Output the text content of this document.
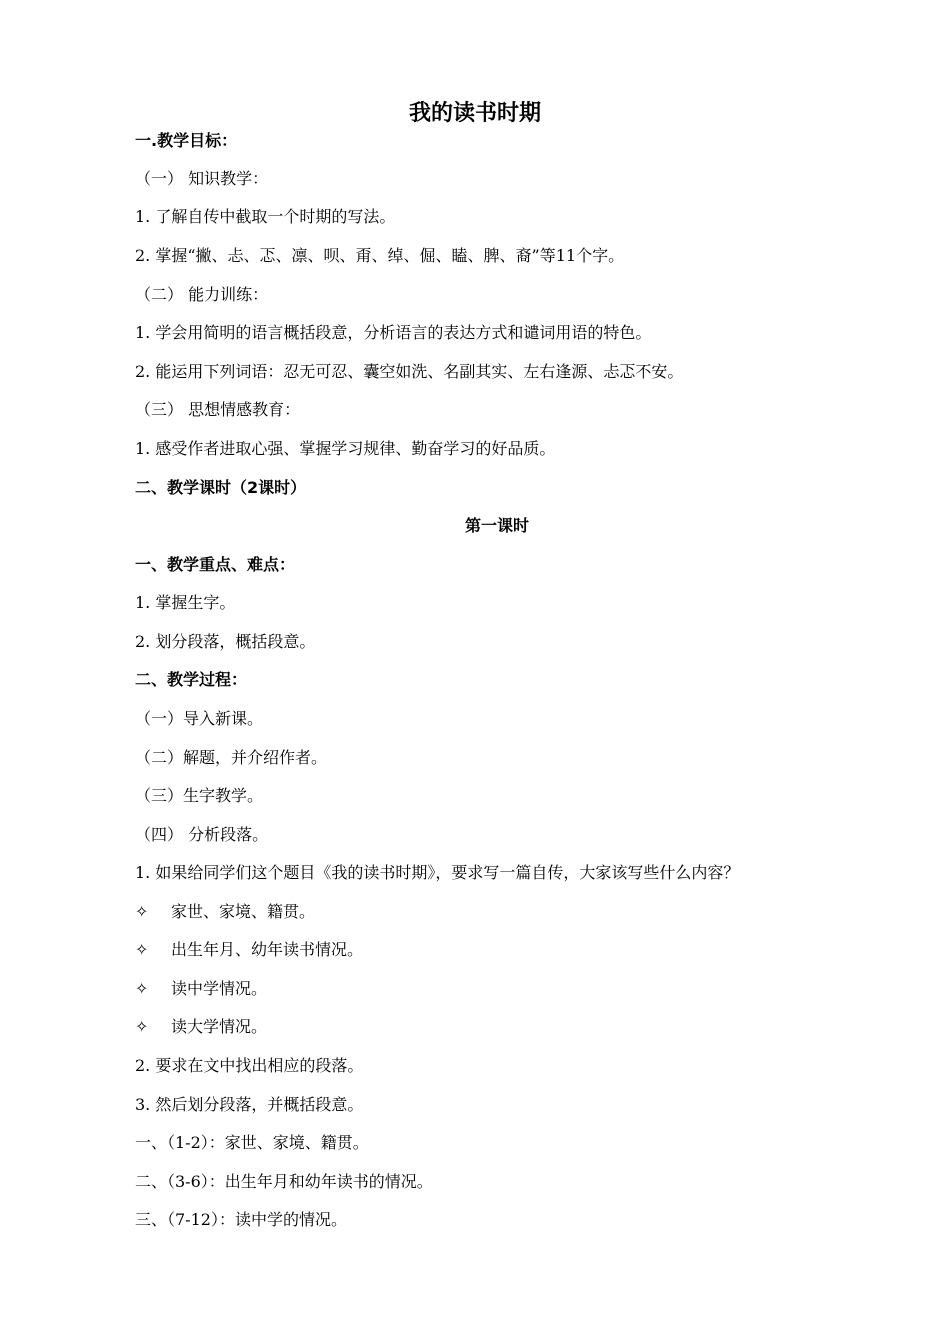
我的读书时期
一.教学目标：
（一） 知识教学：
1. 了解自传中截取一个时期的写法。
2. 掌握“撇、忐、忑、凛、呗、甭、绰、倔、瞌、脾、裔”等11个字。
（二） 能力训练：
1. 学会用简明的语言概括段意，分析语言的表达方式和谴词用语的特色。
2. 能运用下列词语：忍无可忍、囊空如洗、名副其实、左右逢源、忐忑不安。
（三） 思想情感教育：
1. 感受作者进取心强、掌握学习规律、勤奋学习的好品质。
二、教学课时（2课时）
第一课时
一、教学重点、难点：
1. 掌握生字。
2. 划分段落，概括段意。
二、教学过程：
（一）导入新课。
（二）解题，并介绍作者。
（三）生字教学。
（四） 分析段落。
1. 如果给同学们这个题目《我的读书时期》，要求写一篇自传，大家该写些什么内容？
✧ 家世、家境、籍贯。
✧ 出生年月、幼年读书情况。
✧ 读中学情况。
✧ 读大学情况。
2. 要求在文中找出相应的段落。
3. 然后划分段落，并概括段意。
一、（1-2）：家世、家境、籍贯。
二、（3-6）：出生年月和幼年读书的情况。
三、（7-12）：读中学的情况。
